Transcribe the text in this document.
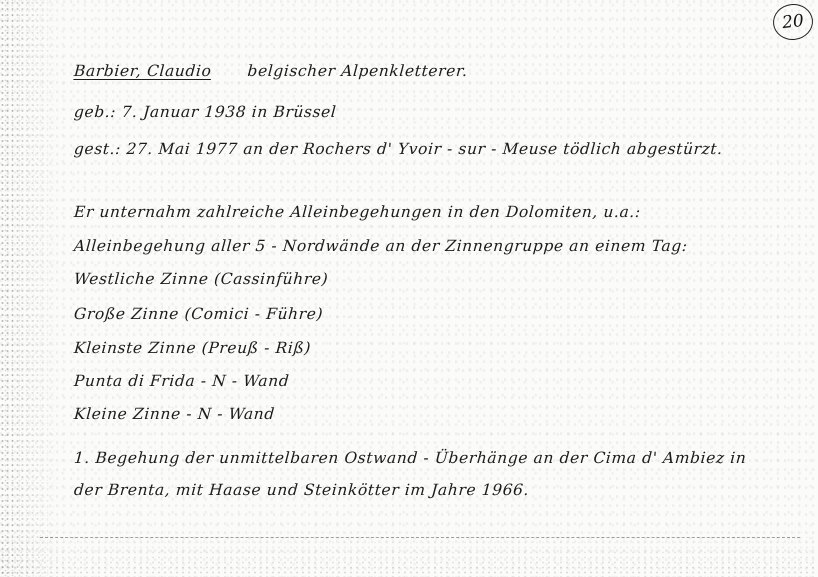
20
Barbier, Claudio belgischer Alpenkletterer.
geb.: 7. Januar 1938 in Brüssel
gest.: 27. Mai 1977 an der Rochers d' Yvoir - sur - Meuse tödlich abgestürzt.
Er unternahm zahlreiche Alleinbegehungen in den Dolomiten, u.a.:
Alleinbegehung aller 5 - Nordwände an der Zinnengruppe an einem Tag:
Westliche Zinne (Cassinführe)
Große Zinne (Comici - Führe)
Kleinste Zinne (Preuß - Riß)
Punta di Frida - N - Wand
Kleine Zinne - N - Wand
1. Begehung der unmittelbaren Ostwand - Überhänge an der Cima d' Ambiez in
der Brenta, mit Haase und Steinkötter im Jahre 1966.
